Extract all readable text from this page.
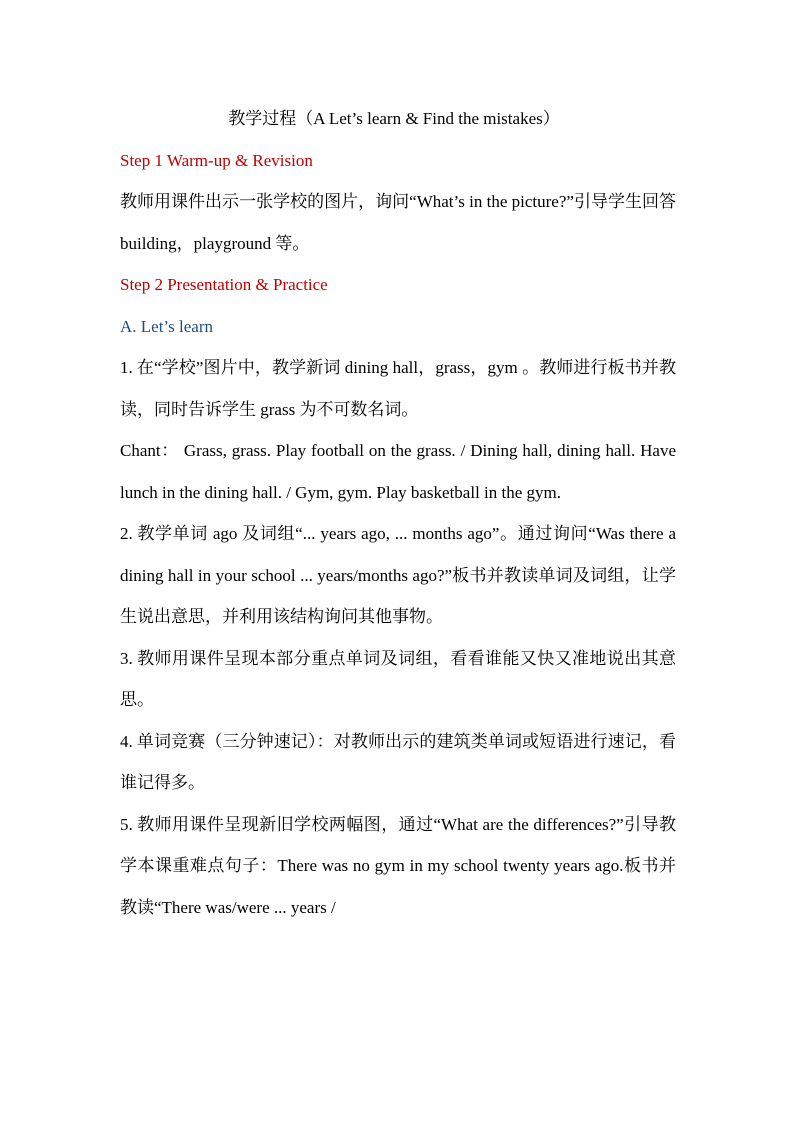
教学过程（A Let’s learn & Find the mistakes）
Step 1 Warm-up & Revision

教师用课件出示一张学校的图片，询问“What’s in the picture?”引导学生回答 building，playground 等。

Step 2 Presentation & Practice
A. Let’s learn

1. 在“学校”图片中，教学新词 dining hall，grass，gym 。教师进行板书并教读，同时告诉学生 grass 为不可数名词。

Chant： Grass, grass. Play football on the grass. / Dining hall, dining hall. Have lunch in the dining hall. / Gym, gym. Play basketball in the gym.

2. 教学单词 ago 及词组“... years ago, ... months ago”。通过询问“Was there a dining hall in your school ... years/months ago?”板书并教读单词及词组，让学生说出意思，并利用该结构询问其他事物。

3. 教师用课件呈现本部分重点单词及词组，看看谁能又快又准地说出其意思。

4. 单词竞赛（三分钟速记）：对教师出示的建筑类单词或短语进行速记，看谁记得多。

5. 教师用课件呈现新旧学校两幅图，通过“What are the differences?”引导教学本课重难点句子：There was no gym in my school twenty years ago.板书并教读“There was/were ... years /
